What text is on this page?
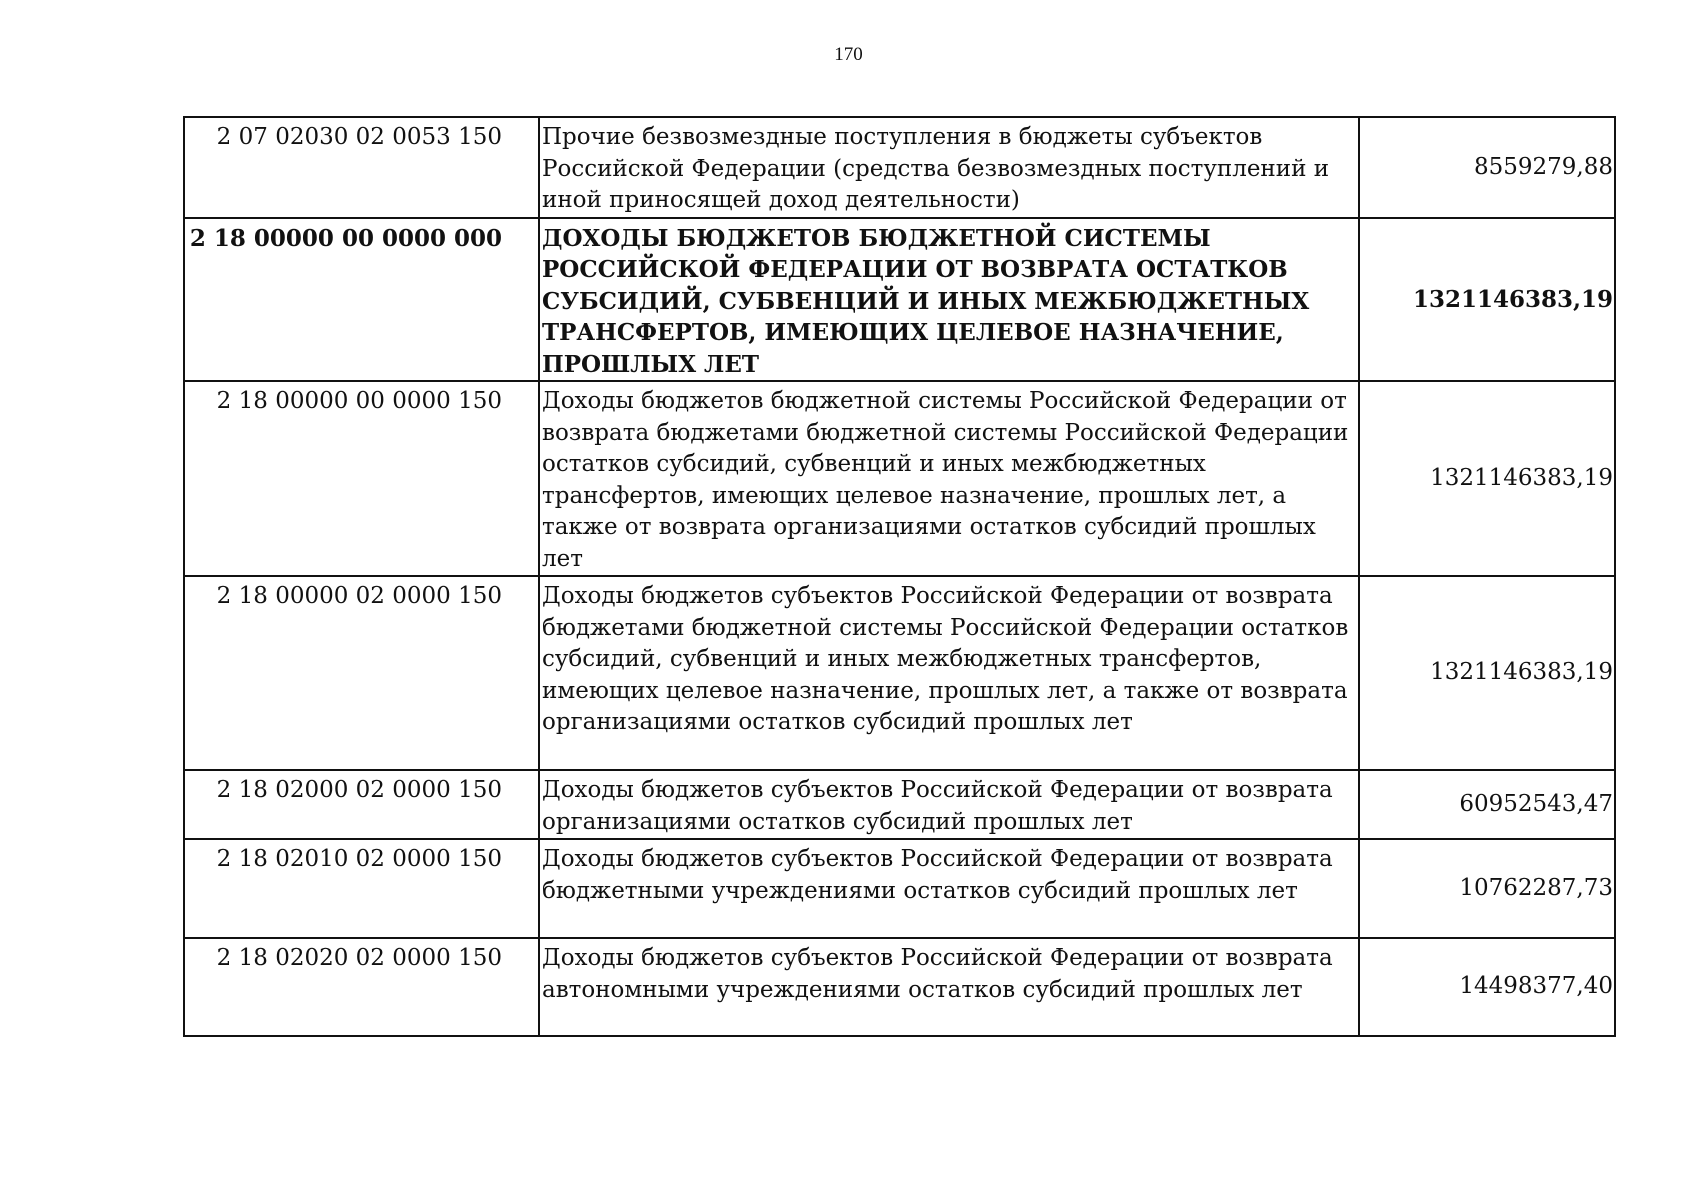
170
2 07 02030 02 0053 150	Прочие безвозмездные поступления в бюджеты субъектов Российской Федерации (средства безвозмездных поступлений и иной приносящей доход деятельности)	8559279,88
2 18 00000 00 0000 000	ДОХОДЫ БЮДЖЕТОВ БЮДЖЕТНОЙ СИСТЕМЫ РОССИЙСКОЙ ФЕДЕРАЦИИ ОТ ВОЗВРАТА ОСТАТКОВ СУБСИДИЙ, СУБВЕНЦИЙ И ИНЫХ МЕЖБЮДЖЕТНЫХ ТРАНСФЕРТОВ, ИМЕЮЩИХ ЦЕЛЕВОЕ НАЗНАЧЕНИЕ, ПРОШЛЫХ ЛЕТ	1321146383,19
2 18 00000 00 0000 150	Доходы бюджетов бюджетной системы Российской Федерации от возврата бюджетами бюджетной системы Российской Федерации остатков субсидий, субвенций и иных межбюджетных трансфертов, имеющих целевое назначение, прошлых лет, а также от возврата организациями остатков субсидий прошлых лет	1321146383,19
2 18 00000 02 0000 150	Доходы бюджетов субъектов Российской Федерации от возврата бюджетами бюджетной системы Российской Федерации остатков субсидий, субвенций и иных межбюджетных трансфертов, имеющих целевое назначение, прошлых лет, а также от возврата организациями остатков субсидий прошлых лет	1321146383,19
2 18 02000 02 0000 150	Доходы бюджетов субъектов Российской Федерации от возврата организациями остатков субсидий прошлых лет	60952543,47
2 18 02010 02 0000 150	Доходы бюджетов субъектов Российской Федерации от возврата бюджетными учреждениями остатков субсидий прошлых лет	10762287,73
2 18 02020 02 0000 150	Доходы бюджетов субъектов Российской Федерации от возврата автономными учреждениями остатков субсидий прошлых лет	14498377,40
